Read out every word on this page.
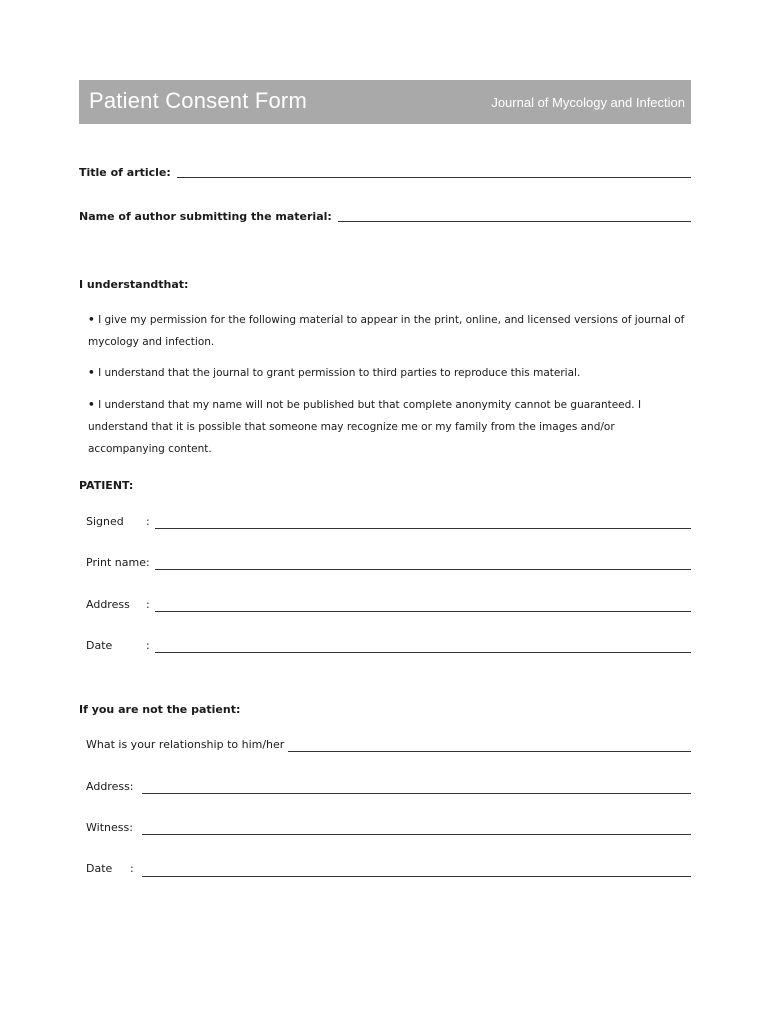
Patient Consent Form	Journal of Mycology and Infection
Title of article:
Name of author submitting the material:
I understandthat:
• I give my permission for the following material to appear in the print, online, and licensed versions of journal of mycology and infection.
• I understand that the journal to grant permission to third parties to reproduce this material.
• I understand that my name will not be published but that complete anonymity cannot be guaranteed. I understand that it is possible that someone may recognize me or my family from the images and/or accompanying content.
PATIENT:
Signed :
Print name:
Address :
Date	:
If you are not the patient:
What is your relationship to him/her
Address:
Witness:
Date :
